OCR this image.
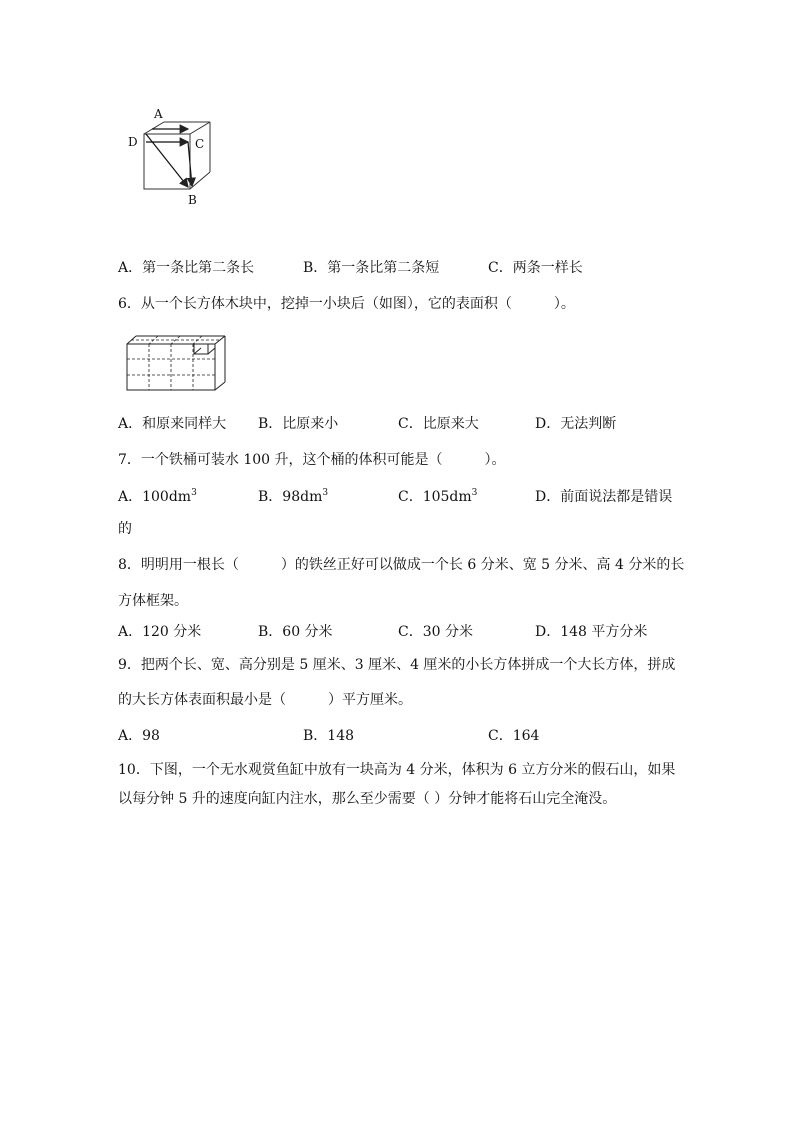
A
D	C
B
A．第一条比第二条长	B．第一条比第二条短	C．两条一样长
6．从一个长方体木块中，挖掉一小块后（如图），它的表面积（　　　）。
A．和原来同样大 B．比原来小	C．比原来大	D．无法判断
7．一个铁桶可装水 100 升，这个桶的体积可能是（　　　）。
A．$100dm^3$	B．$98dm^3$	C．$105dm^3$	D．前面说法都是错误
的
8．明明用一根长（　　　）的铁丝正好可以做成一个长 6 分米、宽 5 分米、高 4 分米的长
方体框架。
A．120 分米	B．60 分米	C．30 分米	D．148 平方分米
9．把两个长、宽、高分别是 5 厘米、3 厘米、4 厘米的小长方体拼成一个大长方体，拼成
的大长方体表面积最小是（　　　）平方厘米。
A．98	B．148	C．164
10．下图，一个无水观赏鱼缸中放有一块高为 4 分米，体积为 6 立方分米的假石山，如果
以每分钟 5 升的速度向缸内注水，那么至少需要（ ）分钟才能将石山完全淹没。
